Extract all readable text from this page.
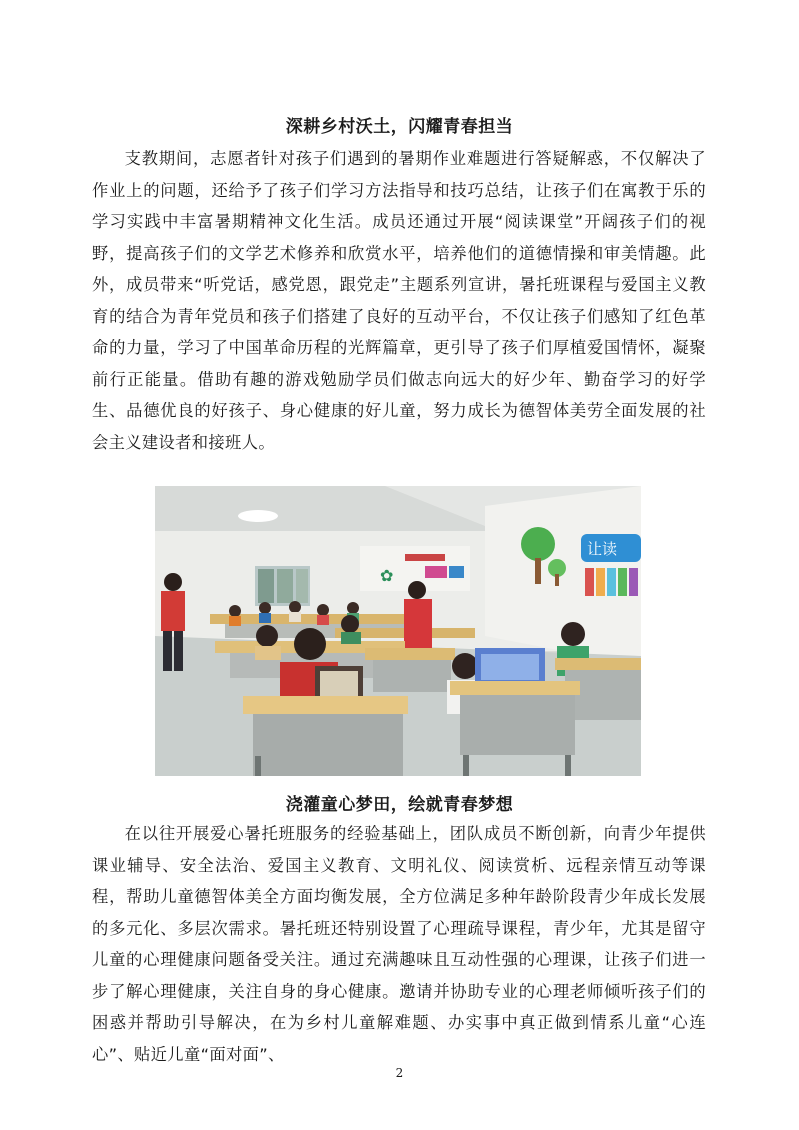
深耕乡村沃土，闪耀青春担当

支教期间，志愿者针对孩子们遇到的暑期作业难题进行答疑解惑，不仅解决了作业上的问题，还给予了孩子们学习方法指导和技巧总结，让孩子们在寓教于乐的学习实践中丰富暑期精神文化生活。成员还通过开展“阅读课堂”开阔孩子们的视野，提高孩子们的文学艺术修养和欣赏水平，培养他们的道德情操和审美情趣。此外，成员带来“听党话，感党恩，跟党走”主题系列宣讲，暑托班课程与爱国主义教育的结合为青年党员和孩子们搭建了良好的互动平台，不仅让孩子们感知了红色革命的力量，学习了中国革命历程的光辉篇章，更引导了孩子们厚植爱国情怀，凝聚前行正能量。借助有趣的游戏勉励学员们做志向远大的好少年、勤奋学习的好学生、品德优良的好孩子、身心健康的好儿童，努力成长为德智体美劳全面发展的社会主义建设者和接班人。

✿
让读
浇灌童心梦田，绘就青春梦想

在以往开展爱心暑托班服务的经验基础上，团队成员不断创新，向青少年提供课业辅导、安全法治、爱国主义教育、文明礼仪、阅读赏析、远程亲情互动等课程，帮助儿童德智体美全方面均衡发展，全方位满足多种年龄阶段青少年成长发展的多元化、多层次需求。暑托班还特别设置了心理疏导课程，青少年，尤其是留守儿童的心理健康问题备受关注。通过充满趣味且互动性强的心理课，让孩子们进一步了解心理健康，关注自身的身心健康。邀请并协助专业的心理老师倾听孩子们的困惑并帮助引导解决，在为乡村儿童解难题、办实事中真正做到情系儿童“心连心”、贴近儿童“面对面”、

2
